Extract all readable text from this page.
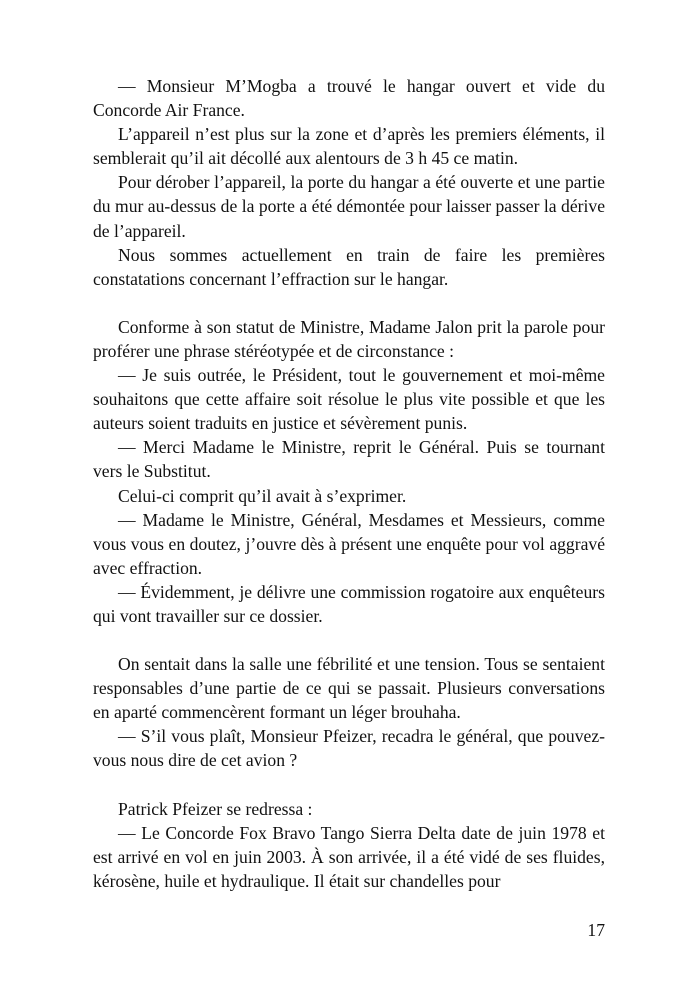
— Monsieur M’Mogba a trouvé le hangar ouvert et vide du Concorde Air France.

L’appareil n’est plus sur la zone et d’après les premiers éléments, il semblerait qu’il ait décollé aux alentours de 3 h 45 ce matin.

Pour dérober l’appareil, la porte du hangar a été ouverte et une partie du mur au-dessus de la porte a été démontée pour laisser passer la dérive de l’appareil.

Nous sommes actuellement en train de faire les premières constatations concernant l’effraction sur le hangar.

Conforme à son statut de Ministre, Madame Jalon prit la parole pour proférer une phrase stéréotypée et de circonstance :

— Je suis outrée, le Président, tout le gouvernement et moi-même souhaitons que cette affaire soit résolue le plus vite possible et que les auteurs soient traduits en justice et sévèrement punis.

— Merci Madame le Ministre, reprit le Général. Puis se tournant vers le Substitut.

Celui-ci comprit qu’il avait à s’exprimer.

— Madame le Ministre, Général, Mesdames et Messieurs, comme vous vous en doutez, j’ouvre dès à présent une enquête pour vol aggravé avec effraction.

— Évidemment, je délivre une commission rogatoire aux enquêteurs qui vont travailler sur ce dossier.

On sentait dans la salle une fébrilité et une tension. Tous se sentaient responsables d’une partie de ce qui se passait. Plusieurs conversations en aparté commencèrent formant un léger brouhaha.

— S’il vous plaît, Monsieur Pfeizer, recadra le général, que pouvez-vous nous dire de cet avion ?

Patrick Pfeizer se redressa :

— Le Concorde Fox Bravo Tango Sierra Delta date de juin 1978 et est arrivé en vol en juin 2003. À son arrivée, il a été vidé de ses fluides, kérosène, huile et hydraulique. Il était sur chandelles pour

17
